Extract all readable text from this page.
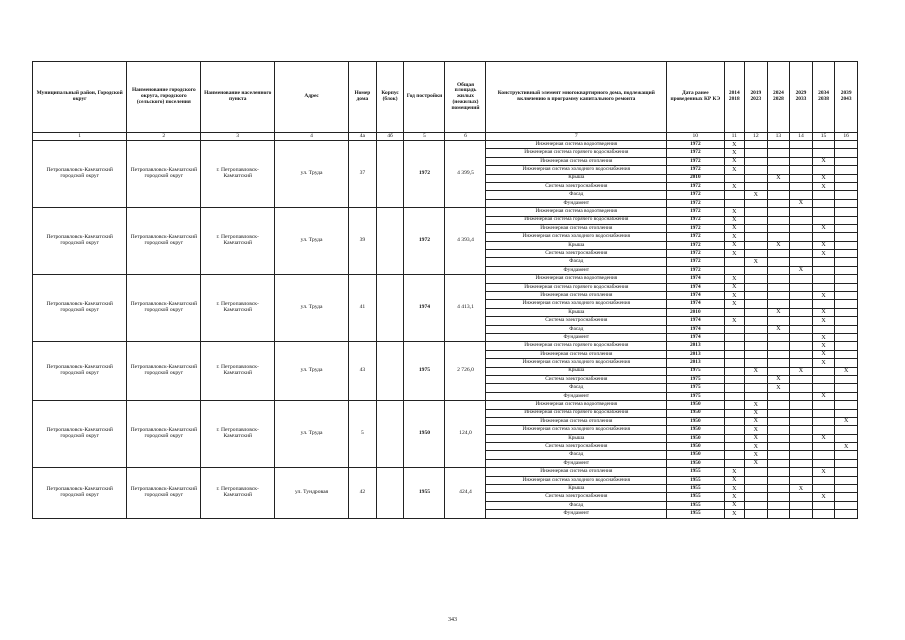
Муниципальный район, Городской округ	Наименование городского округа, городского (сельского) поселения	Наименование населенного пункта	Адрес	Номер дома	Корпус (блок)	Год постройки	Общая площадь жилых (нежилых) помещений	Конструктивный элемент многоквартирного дома, подлежащий включению в программу капитального ремонта	Дата ранее проведенных КР КЭ	2014 2018	2019 2023	2024 2028	2029 2033	2034 2038	2039 2043
1	2	3	4	4а	4б	5	6	7	10	11	12	13	14	15	16
Петропавловск-Камчатский городской округ	Петропавловск-Камчатский городской округ	г. Петропавловск-Камчатский	ул. Труда	37		1972	4 399,5	Инженерная система водоотведения	1972	X					
								Инженерная система горячего водоснабжения	1972	X					
								Инженерная система отопления	1972	X				X	
								Инженерная система холодного водоснабжения	1972	X					
								Крыша	2010			X		X	
								Система электроснабжения	1972	X				X	
								Фасад	1972		X				
								Фундамент	1972				X		
Петропавловск-Камчатский городской округ	Петропавловск-Камчатский городской округ	г. Петропавловск-Камчатский	ул. Труда	39		1972	4 393,4	Инженерная система водоотведения	1972	X					
								Инженерная система горячего водоснабжения	1972	X					
								Инженерная система отопления	1972	X				X	
								Инженерная система холодного водоснабжения	1972	X					
								Крыша	1972	X		X		X	
								Система электроснабжения	1972	X				X	
								Фасад	1972		X				
								Фундамент	1972				X		
Петропавловск-Камчатский городской округ	Петропавловск-Камчатский городской округ	г. Петропавловск-Камчатский	ул. Труда	41		1974	4 413,1	Инженерная система водоотведения	1974	X					
								Инженерная система горячего водоснабжения	1974	X					
								Инженерная система отопления	1974	X				X	
								Инженерная система холодного водоснабжения	1974	X					
								Крыша	2010			X		X	
								Система электроснабжения	1974	X				X	
								Фасад	1974			X			
								Фундамент	1974					X	
Петропавловск-Камчатский городской округ	Петропавловск-Камчатский городской округ	г. Петропавловск-Камчатский	ул. Труда	43		1975	2 726,0	Инженерная система горячего водоснабжения	2013					X	
								Инженерная система отопления	2013					X	
								Инженерная система холодного водоснабжения	2013					X	
								Крыша	1975		X		X		X
								Система электроснабжения	1975			X			
								Фасад	1975			X			
								Фундамент	1975					X	
Петропавловск-Камчатский городской округ	Петропавловск-Камчатский городской округ	г. Петропавловск-Камчатский	ул. Труда	5		1950	124,0	Инженерная система водоотведения	1950		X				
								Инженерная система горячего водоснабжения	1950		X				
								Инженерная система отопления	1950		X				X
								Инженерная система холодного водоснабжения	1950		X				
								Крыша	1950		X			X	
								Система электроснабжения	1950		X				X
								Фасад	1950		X				
								Фундамент	1950		X				
Петропавловск-Камчатский городской округ	Петропавловск-Камчатский городской округ	г. Петропавловск-Камчатский	ул. Тундровая	42		1955	424,4	Инженерная система отопления	1955	X				X	
								Инженерная система холодного водоснабжения	1955	X					
								Крыша	1955	X			X		
								Система электроснабжения	1955	X				X	
								Фасад	1955	X					
								Фундамент	1955	X					
343
